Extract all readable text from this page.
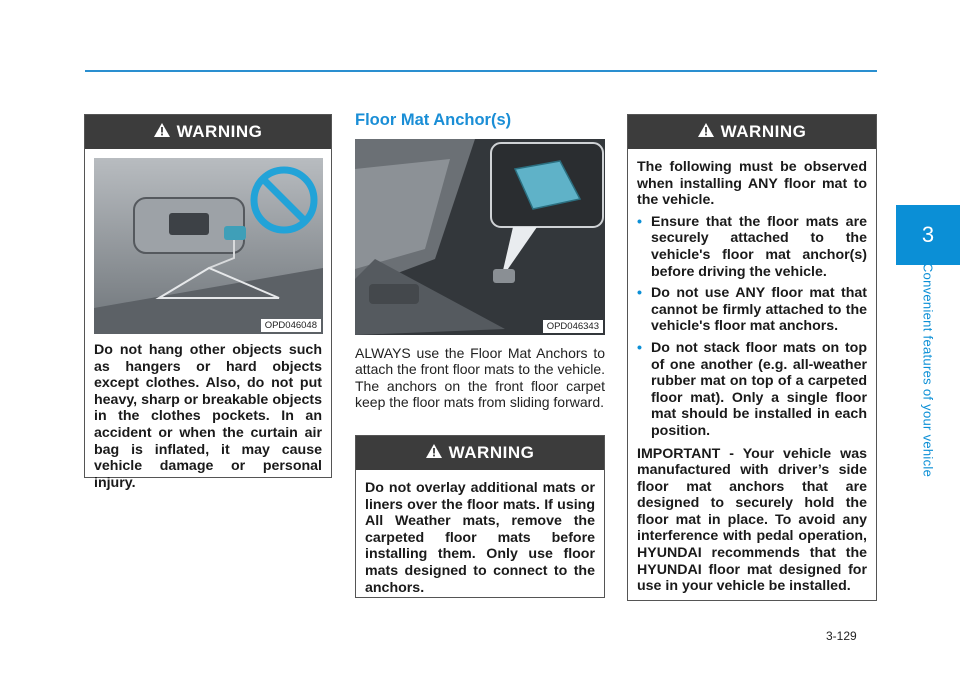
WARNING
OPD046048
Do not hang other objects such as hangers or hard objects except clothes. Also, do not put heavy, sharp or breakable objects in the clothes pockets. In an accident or when the curtain air bag is inflated, it may cause vehicle damage or personal injury.
Floor Mat Anchor(s)
OPD046343
ALWAYS use the Floor Mat Anchors to attach the front floor mats to the vehicle. The anchors on the front floor carpet keep the floor mats from sliding forward.
WARNING
Do not overlay additional mats or liners over the floor mats. If using All Weather mats, remove the carpeted floor mats before installing them. Only use floor mats designed to connect to the anchors.
WARNING
The following must be observed when installing ANY floor mat to the vehicle.
• Ensure that the floor mats are securely attached to the vehicle's floor mat anchor(s) before driving the vehicle.
• Do not use ANY floor mat that cannot be firmly attached to the vehicle's floor mat anchors.
• Do not stack floor mats on top of one another (e.g. all-weather rubber mat on top of a carpeted floor mat). Only a single floor mat should be installed in each position.
IMPORTANT - Your vehicle was manufactured with driver’s side floor mat anchors that are designed to securely hold the floor mat in place. To avoid any interference with pedal operation, HYUNDAI recommends that the HYUNDAI floor mat designed for use in your vehicle be installed.
3
Convenient features of your vehicle
3-129
